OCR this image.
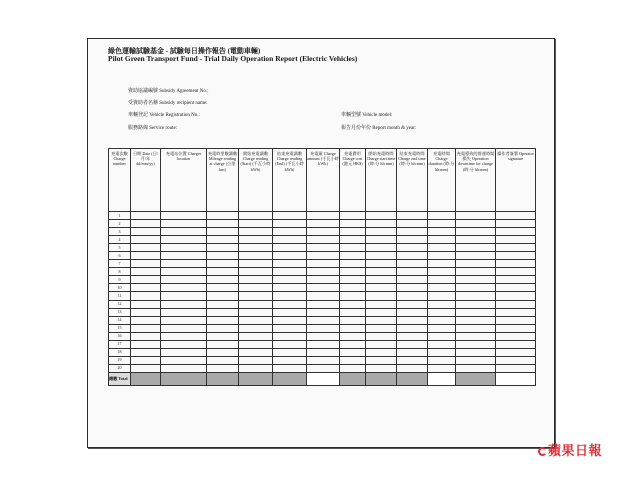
綠色運輸試驗基金 - 試驗每日操作報告 (電動車輛)
Pilot Green Transport Fund - Trial Daily Operation Report (Electric Vehicles)
資助協議編號 Subsidy Agreement No.:
受資助者名稱 Subsidy recipient name:
車輛登記 Vehicle Registration No.:	車輛型號 Vehicle model:
服務路線 Service route:	報告月份年份 Report month & year:
充電次數 Charge number	日期 Date (日/月/年 dd/mm/yy)	充電站位置 Charger location	充電時里數讀數 Mileage reading at charge (公里 km)	開始充電讀數 Charge reading (Start) (千瓦小時 kWh)	結束充電讀數 Charge reading (End) (千瓦小時 kWh)	充電量 Charge amount (千瓦小時 kWh)	充電費用 Charge cost (港元 HK$)	開始充電時間 Charge start time (時:分 hh:mm)	結束充電時間 Charge end time (時:分 hh:mm)	充電時間 Charge duration (時:分 hh:mm)	充電導致的營運時間損失 Operation downtime for charge (時:分 hh:mm)	操作者簽署 Operator signature
1												
2												
3												
4												
5												
6												
7												
8												
9												
10												
11												
12												
13												
14												
15												
16												
17												
18												
19												
20												
總數 Total												
蘋果日報
